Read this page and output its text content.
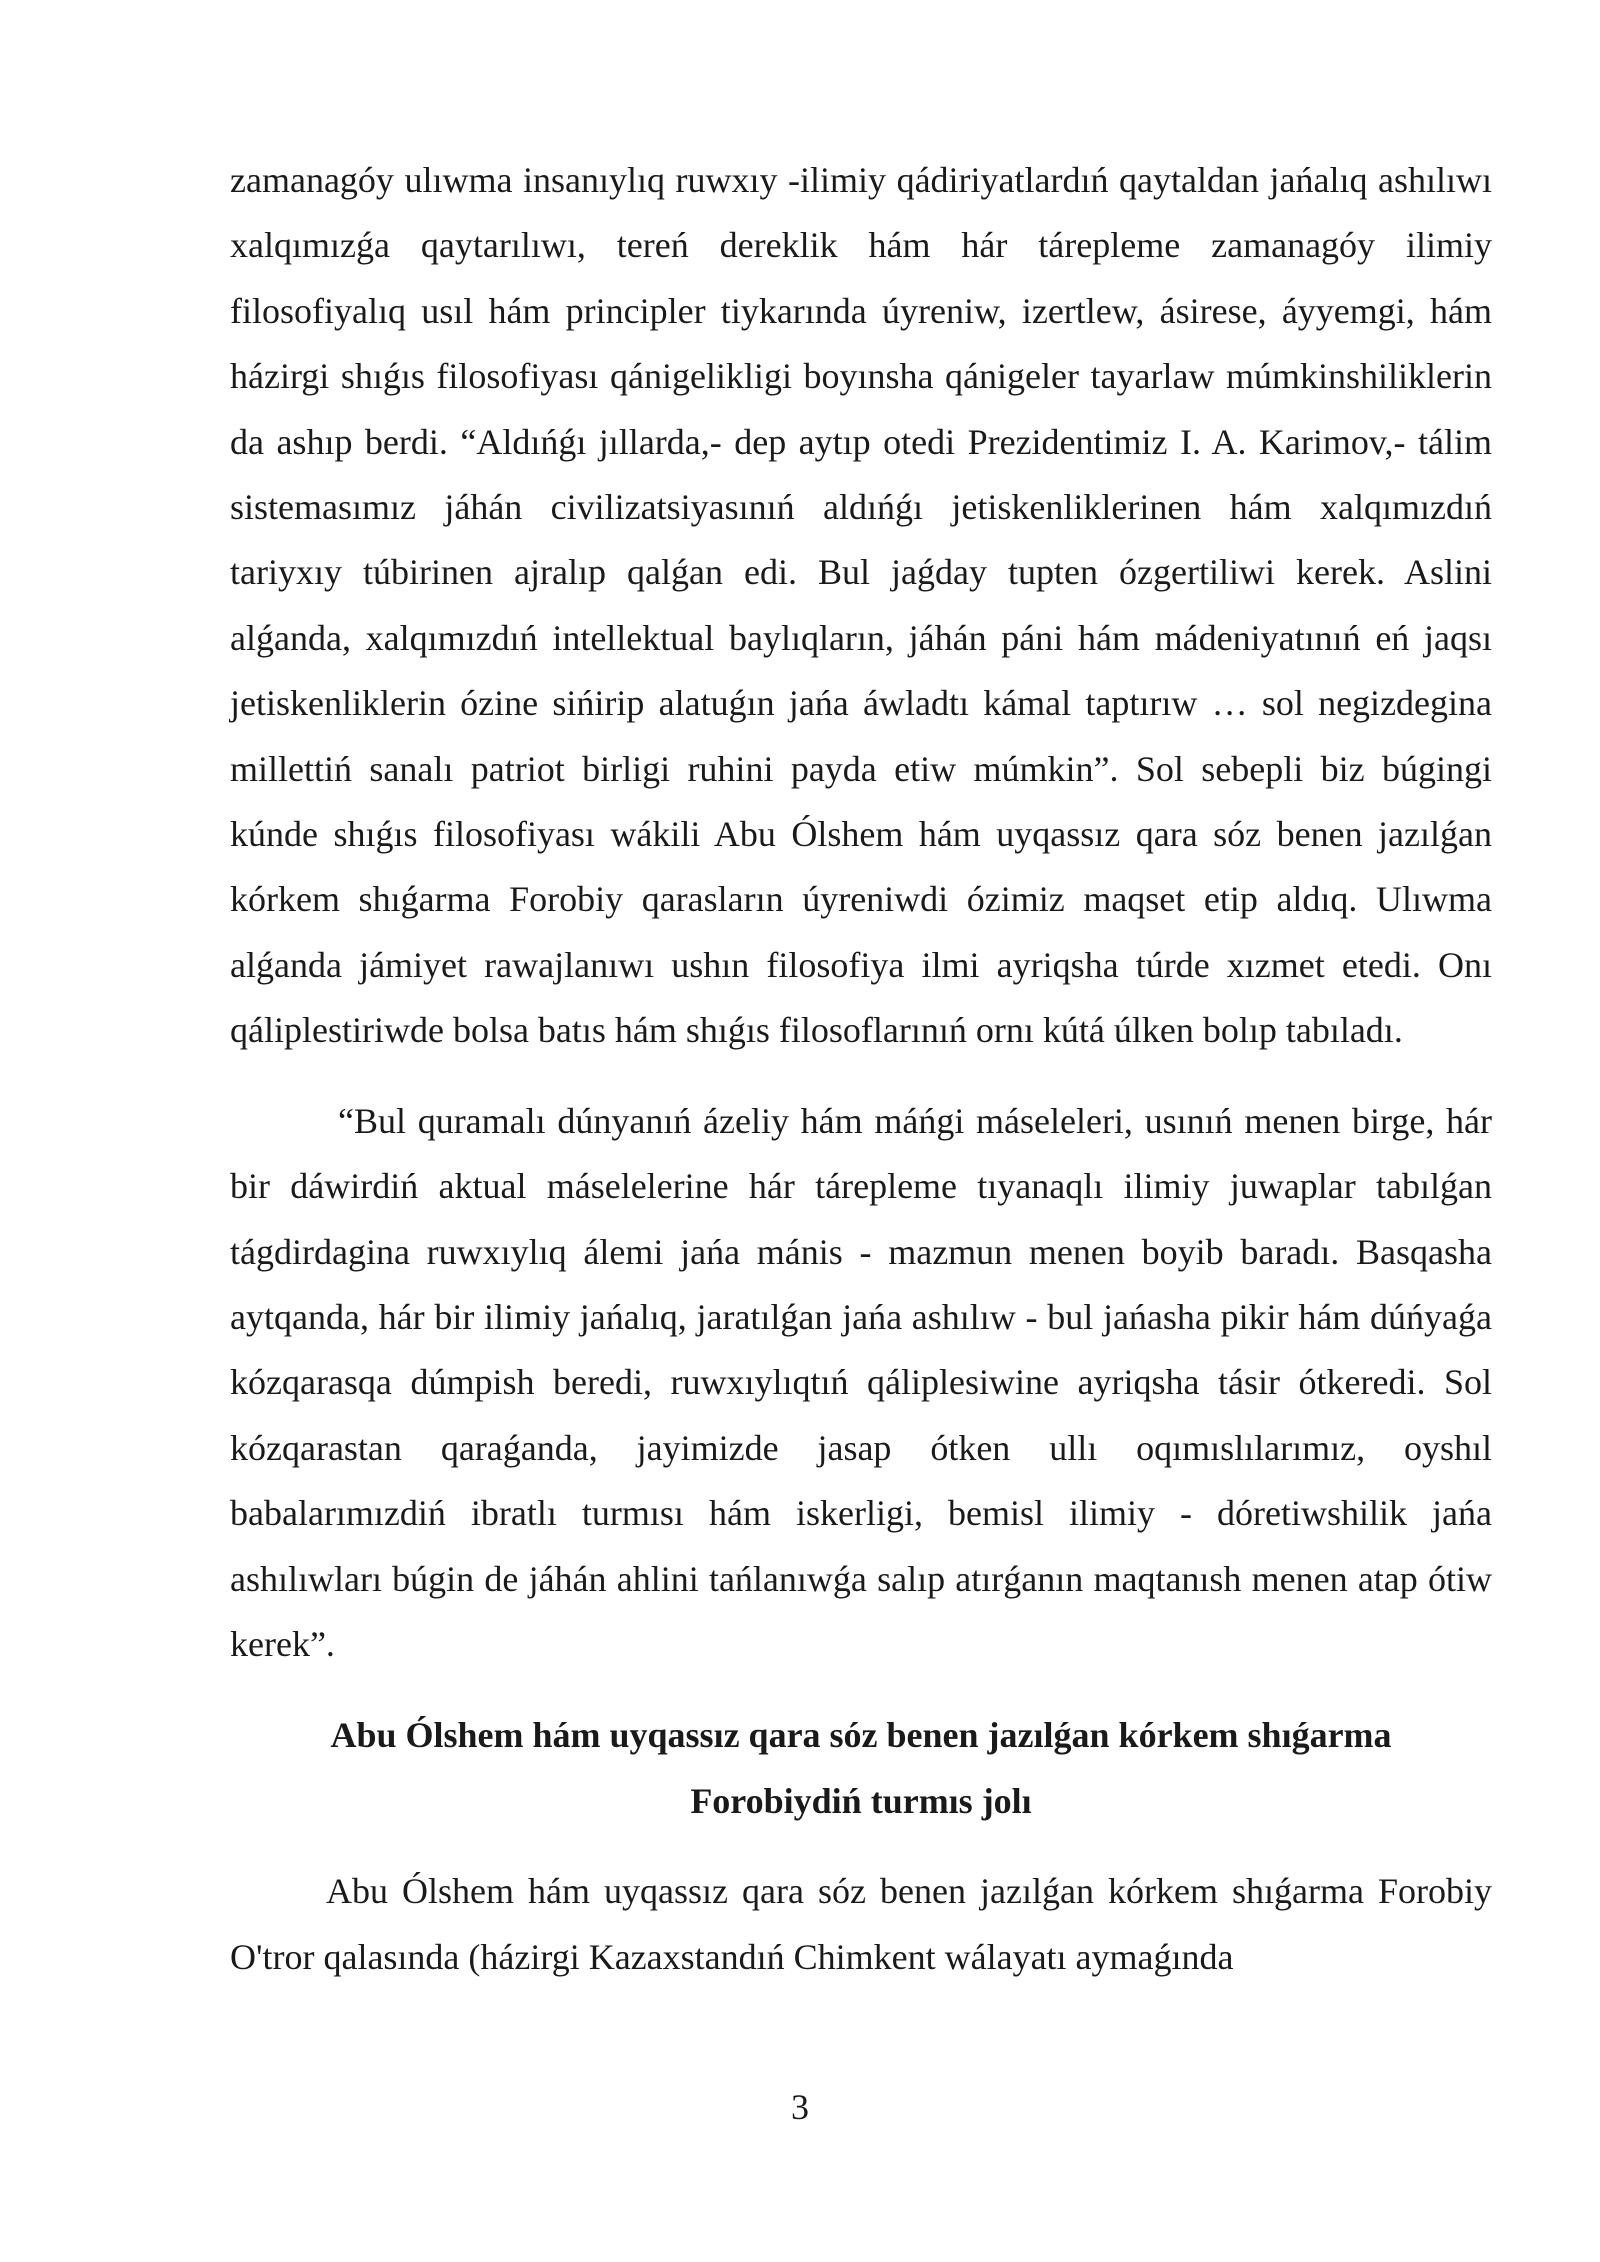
zamanagóy ulıwma insanıylıq ruwxıy -ilimiy qádiriyatlardıń qaytaldan jańalıq ashılıwı xalqımızǵa qaytarılıwı, tereń dereklik hám hár tárepleme zamanagóy ilimiy filosofiyalıq usıl hám principler tiykarında úyreniw, izertlew, ásirese, áyyemgi, hám házirgi shıǵıs filosofiyası qánigelikligi boyınsha qánigeler tayarlaw múmkinshiliklerin da ashıp berdi. “Aldıńǵı jıllarda,- dep aytıp otedi Prezidentimiz I. A. Karimov,- tálim sistemasımız jáhán civilizatsiyasınıń aldıńǵı jetiskenliklerinen hám xalqımızdıń tariyxıy túbirinen ajralıp qalǵan edi. Bul jaǵday tupten ózgertiliwi kerek. Aslini alǵanda, xalqımızdıń intellektual baylıqların, jáhán páni hám mádeniyatınıń eń jaqsı jetiskenliklerin ózine sińirip alatuǵın jańa áwladtı kámal taptırıw … sol negizdegina millettiń sanalı patriot birligi ruhini payda etiw múmkin”. Sol sebepli biz búgingi kúnde shıǵıs filosofiyası wákili Abu Ólshem hám uyqassız qara sóz benen jazılǵan kórkem shıǵarma Forobiy qarasların úyreniwdi ózimiz maqset etip aldıq. Ulıwma alǵanda jámiyet rawajlanıwı ushın filosofiya ilmi ayriqsha túrde xızmet etedi. Onı qáliplestiriwde bolsa batıs hám shıǵıs filosoflarınıń ornı kútá úlken bolıp tabıladı.

“Bul quramalı dúnyanıń ázeliy hám máńgi máseleleri, usınıń menen birge, hár bir dáwirdiń aktual máselelerine hár tárepleme tıyanaqlı ilimiy juwaplar tabılǵan tágdirdagina ruwxıylıq álemi jańa mánis - mazmun menen boyib baradı. Basqasha aytqanda, hár bir ilimiy jańalıq, jaratılǵan jańa ashılıw - bul jańasha pikir hám dúńyaǵa kózqarasqa dúmpish beredi, ruwxıylıqtıń qáliplesiwine ayriqsha tásir ótkeredi. Sol kózqarastan qaraǵanda, jayimizde jasap ótken ullı oqımıslılarımız, oyshıl babalarımızdiń ibratlı turmısı hám iskerligi, bemisl ilimiy - dóretiwshilik jańa ashılıwları búgin de jáhán ahlini tańlanıwǵa salıp atırǵanın maqtanısh menen atap ótiw kerek”.

Abu Ólshem hám uyqassız qara sóz benen jazılǵan kórkem shıǵarma Forobiydiń turmıs jolı

Abu Ólshem hám uyqassız qara sóz benen jazılǵan kórkem shıǵarma Forobiy O'tror qalasında (házirgi Kazaxstandıń Chimkent wálayatı aymaǵında

3
